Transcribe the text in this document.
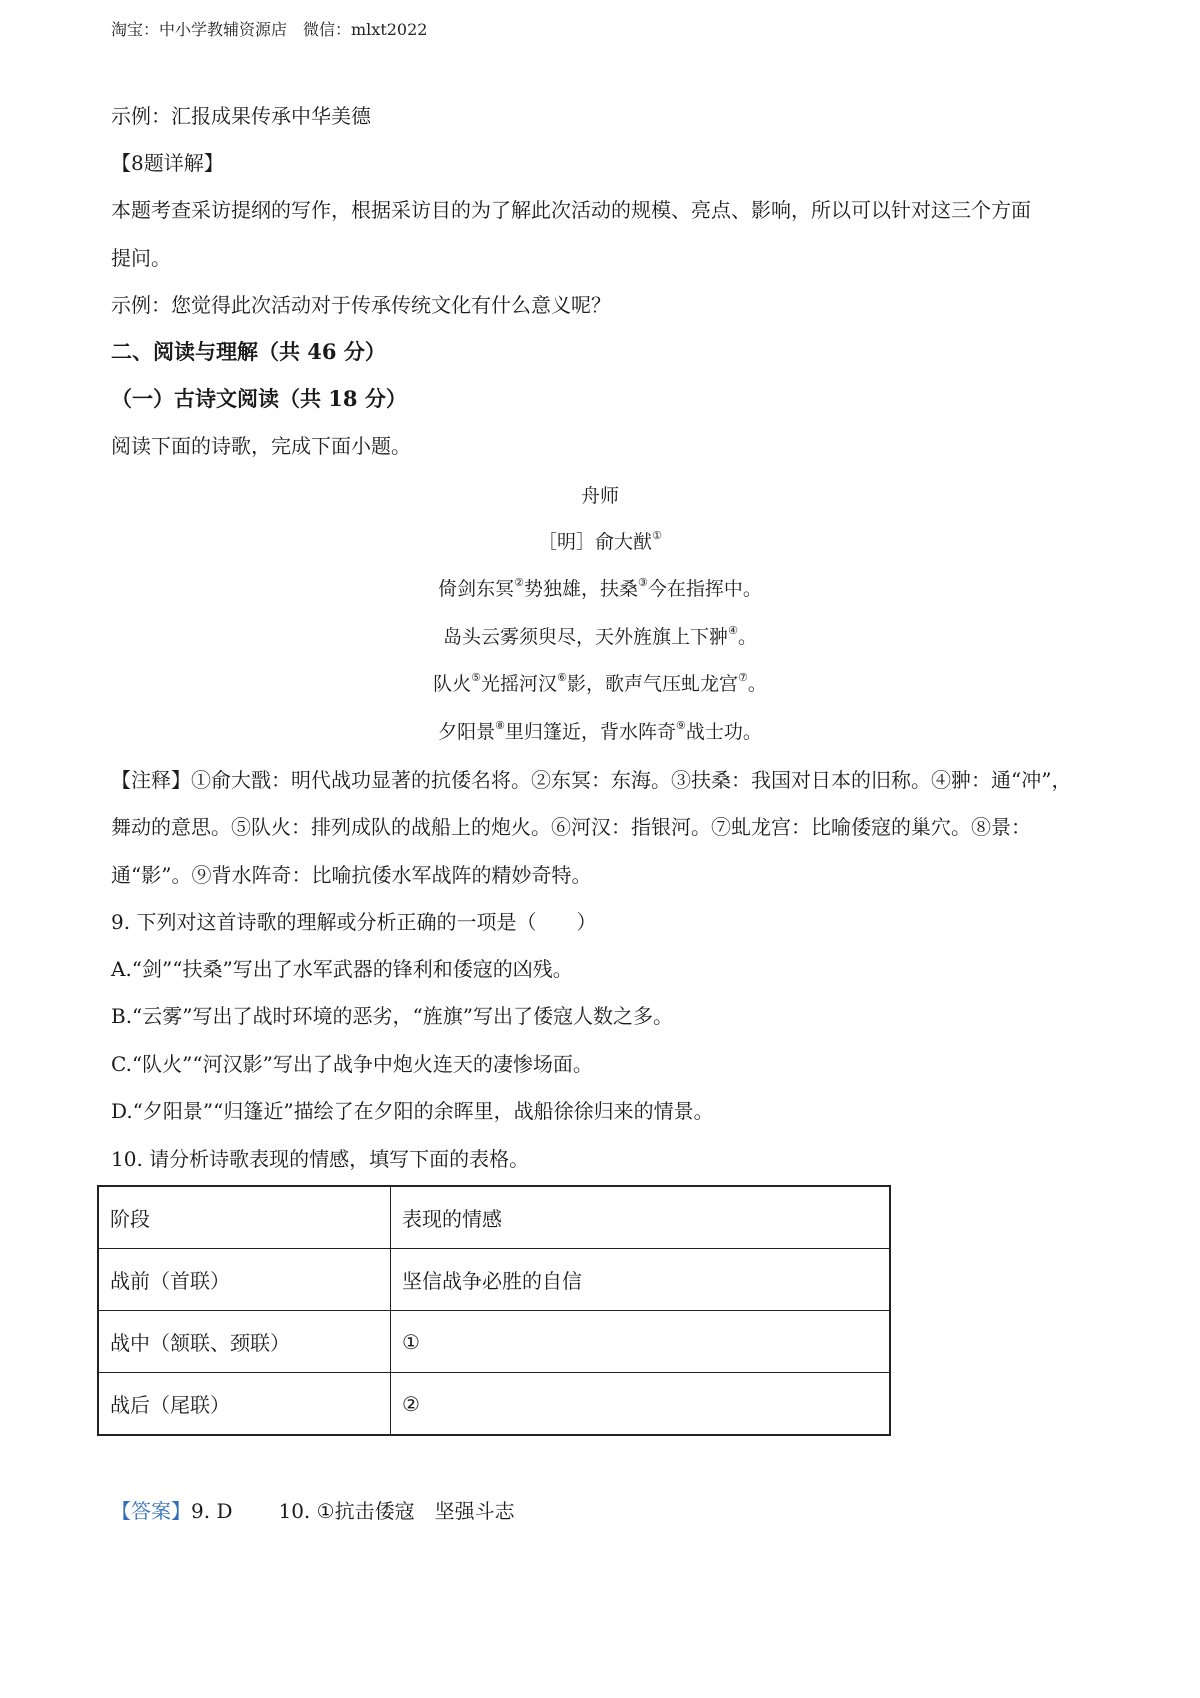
淘宝：中小学教辅资源店　微信：mlxt2022
示例：汇报成果传承中华美德
【8题详解】
本题考查采访提纲的写作，根据采访目的为了解此次活动的规模、亮点、影响，所以可以针对这三个方面
提问。
示例：您觉得此次活动对于传承传统文化有什么意义呢？
二、阅读与理解（共 46 分）
（一）古诗文阅读（共 18 分）
阅读下面的诗歌，完成下面小题。
舟师
［明］俞大猷①
倚剑东冥②势独雄，扶桑③今在指挥中。
岛头云雾须臾尽，天外旌旗上下翀④。
队火⑤光摇河汉⑥影，歌声气压虬龙宫⑦。
夕阳景⑧里归篷近，背水阵奇⑨战士功。
【注释】①俞大戬：明代战功显著的抗倭名将。②东冥：东海。③扶桑：我国对日本的旧称。④翀：通“冲”，
舞动的意思。⑤队火：排列成队的战船上的炮火。⑥河汉：指银河。⑦虬龙宫：比喻倭寇的巢穴。⑧景：
通“影”。⑨背水阵奇：比喻抗倭水军战阵的精妙奇特。
9. 下列对这首诗歌的理解或分析正确的一项是（　　）
A.“剑”“扶桑”写出了水军武器的锋利和倭寇的凶残。
B.“云雾”写出了战时环境的恶劣，“旌旗”写出了倭寇人数之多。
C.“队火”“河汉影”写出了战争中炮火连天的凄惨场面。
D.“夕阳景”“归篷近”描绘了在夕阳的余晖里，战船徐徐归来的情景。
10. 请分析诗歌表现的情感，填写下面的表格。
阶段	表现的情感
战前（首联）	坚信战争必胜的自信
战中（颔联、颈联）	①
战后（尾联）	②
【答案】9. D 10. ①抗击倭寇　坚强斗志
